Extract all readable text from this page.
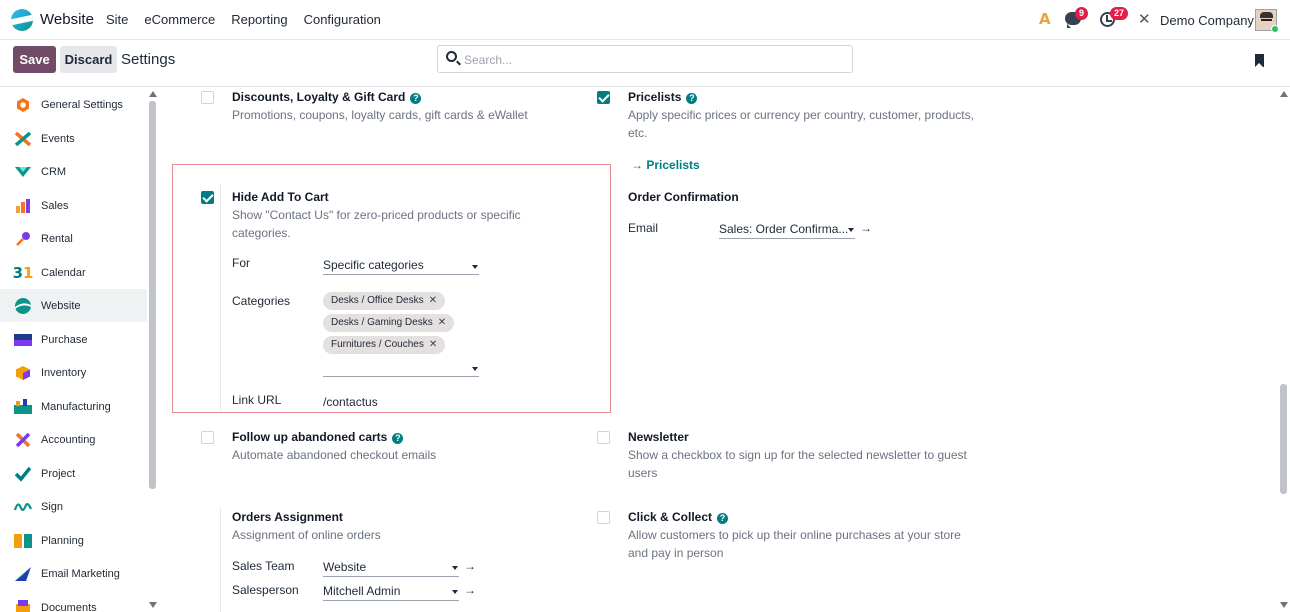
Website Site eCommerce Reporting Configuration	A	9	27 ✕ Demo Company
Save	Discard Settings
Search...
General Settings
Events
CRM
Sales
Rental
3 1 Calendar
Website
Purchase
Inventory
Manufacturing
Accounting
Project
Sign
Planning
Email Marketing
Documents
Discounts, Loyalty & Gift Card ?
Promotions, coupons, loyalty cards, gift cards & eWallet
Pricelists ?
Apply specific prices or currency per country, customer, products,
etc.
→ Pricelists
Hide Add To Cart
Show "Contact Us" for zero-priced products or specific
categories.
For	Specific categories
Categories	Desks / Office Desks ✕
Desks / Gaming Desks ✕
Furnitures / Couches ✕
Link URL	/contactus
Order Confirmation
Email	Sales: Order Confirma... →
Follow up abandoned carts ?
Automate abandoned checkout emails
Newsletter
Show a checkbox to sign up for the selected newsletter to guest
users
Orders Assignment
Assignment of online orders
Sales Team Website	→
Salesperson Mitchell Admin	→
Click & Collect ?
Allow customers to pick up their online purchases at your store
and pay in person
